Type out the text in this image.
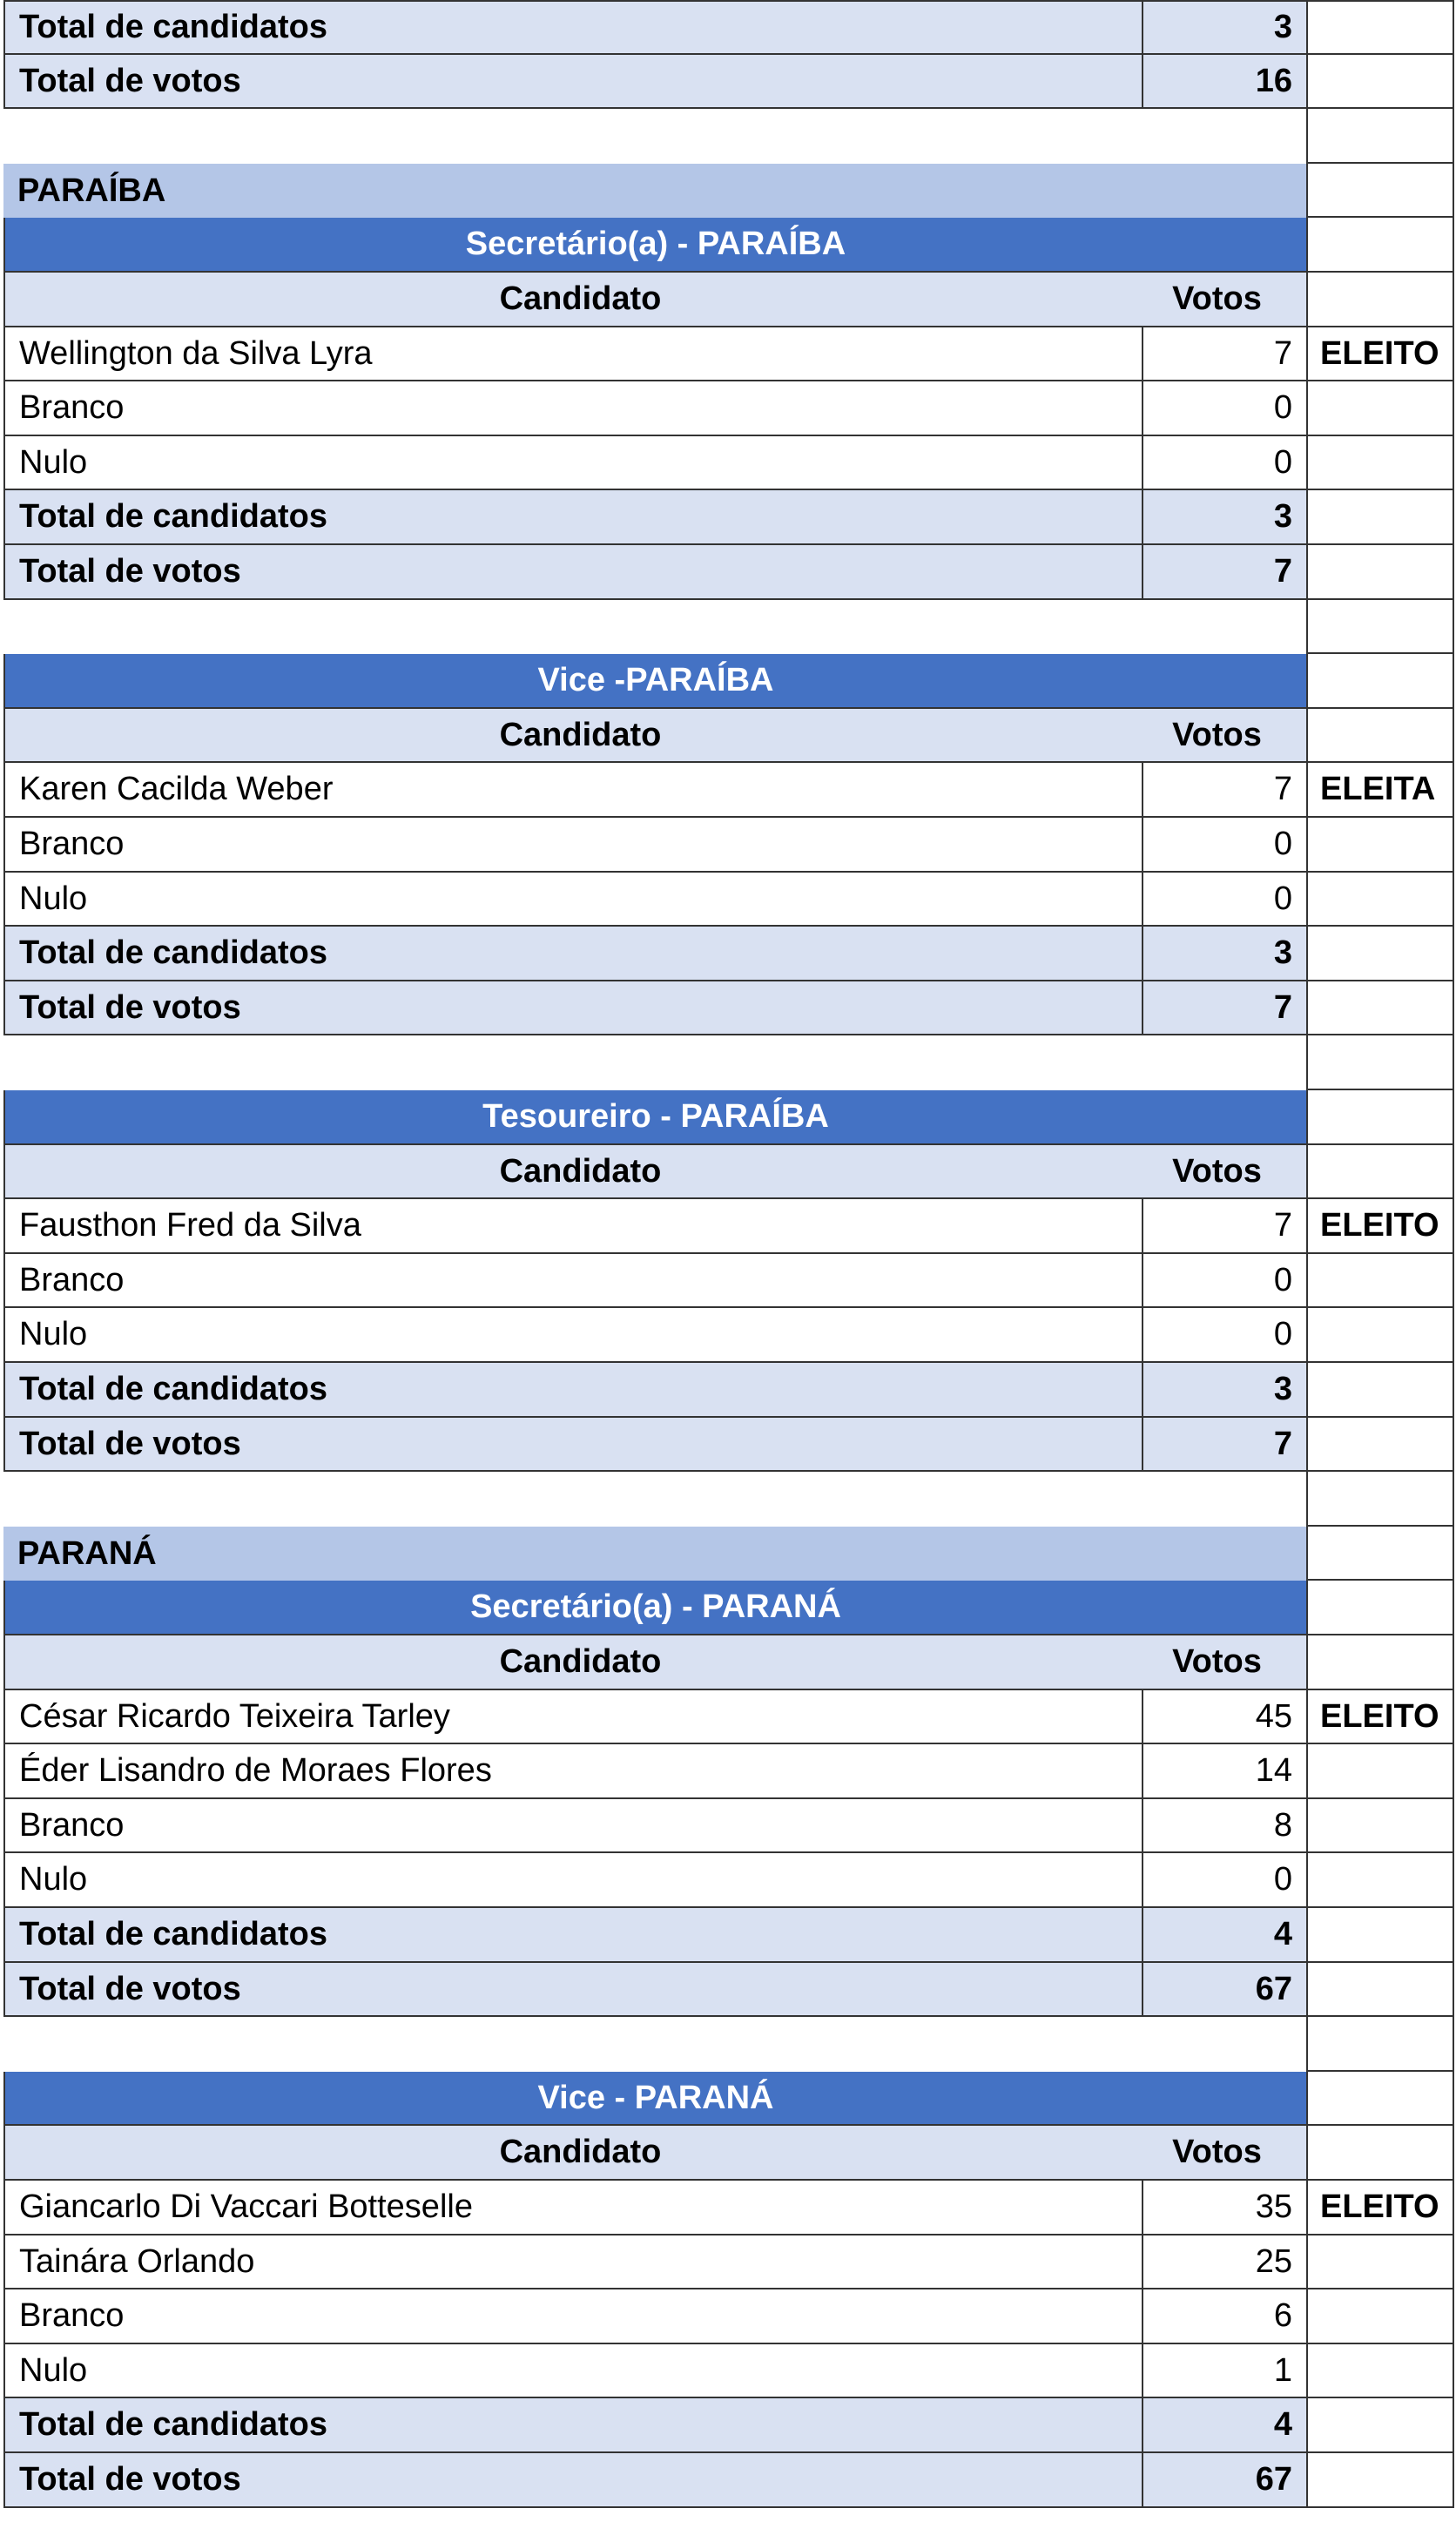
Total de candidatos	3
Total de votos	16
PARAÍBA
Secretário(a) - PARAÍBA
Candidato	Votos
Wellington da Silva Lyra	7 ELEITO
Branco	0
Nulo	0
Total de candidatos	3
Total de votos	7
Vice -PARAÍBA
Candidato	Votos
Karen Cacilda Weber	7 ELEITA
Branco	0
Nulo	0
Total de candidatos	3
Total de votos	7
Tesoureiro - PARAÍBA
Candidato	Votos
Fausthon Fred da Silva	7 ELEITO
Branco	0
Nulo	0
Total de candidatos	3
Total de votos	7
PARANÁ
Secretário(a) - PARANÁ
Candidato	Votos
César Ricardo Teixeira Tarley	45 ELEITO
Éder Lisandro de Moraes Flores	14
Branco	8
Nulo	0
Total de candidatos	4
Total de votos	67
Vice - PARANÁ
Candidato	Votos
Giancarlo Di Vaccari Botteselle	35 ELEITO
Tainára Orlando	25
Branco	6
Nulo	1
Total de candidatos	4
Total de votos	67
